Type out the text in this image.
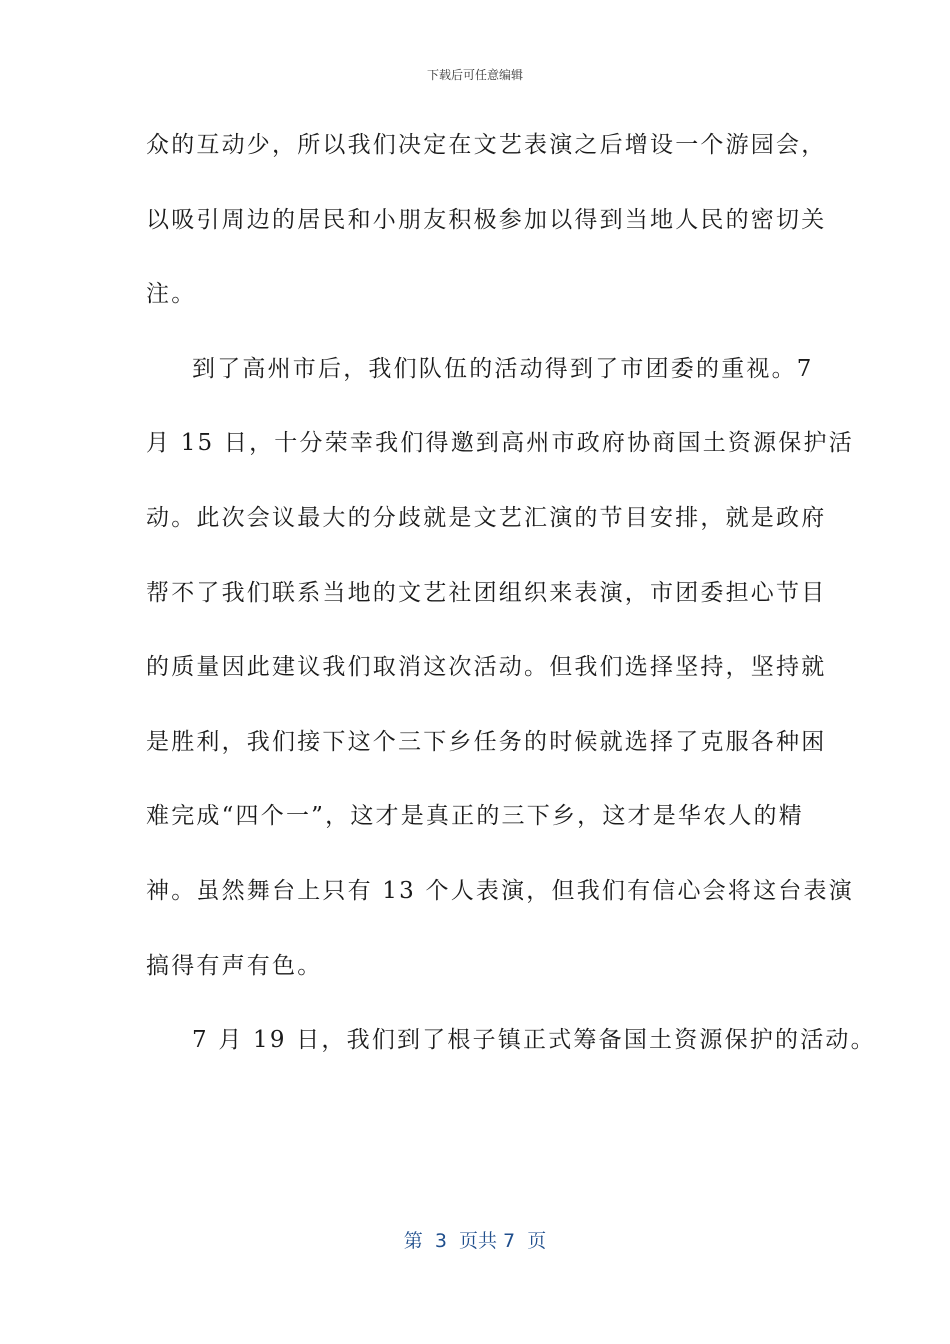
下载后可任意编辑
众的互动少，所以我们决定在文艺表演之后增设一个游园会，
以吸引周边的居民和小朋友积极参加以得到当地人民的密切关
注。
到了高州市后，我们队伍的活动得到了市团委的重视。7
月 15 日，十分荣幸我们得邀到高州市政府协商国土资源保护活
动。此次会议最大的分歧就是文艺汇演的节目安排，就是政府
帮不了我们联系当地的文艺社团组织来表演，市团委担心节目
的质量因此建议我们取消这次活动。但我们选择坚持，坚持就
是胜利，我们接下这个三下乡任务的时候就选择了克服各种困
难完成“四个一”，这才是真正的三下乡，这才是华农人的精
神。虽然舞台上只有 13 个人表演，但我们有信心会将这台表演
搞得有声有色。
7 月 19 日，我们到了根子镇正式筹备国土资源保护的活动。
第  3  页共 7  页
